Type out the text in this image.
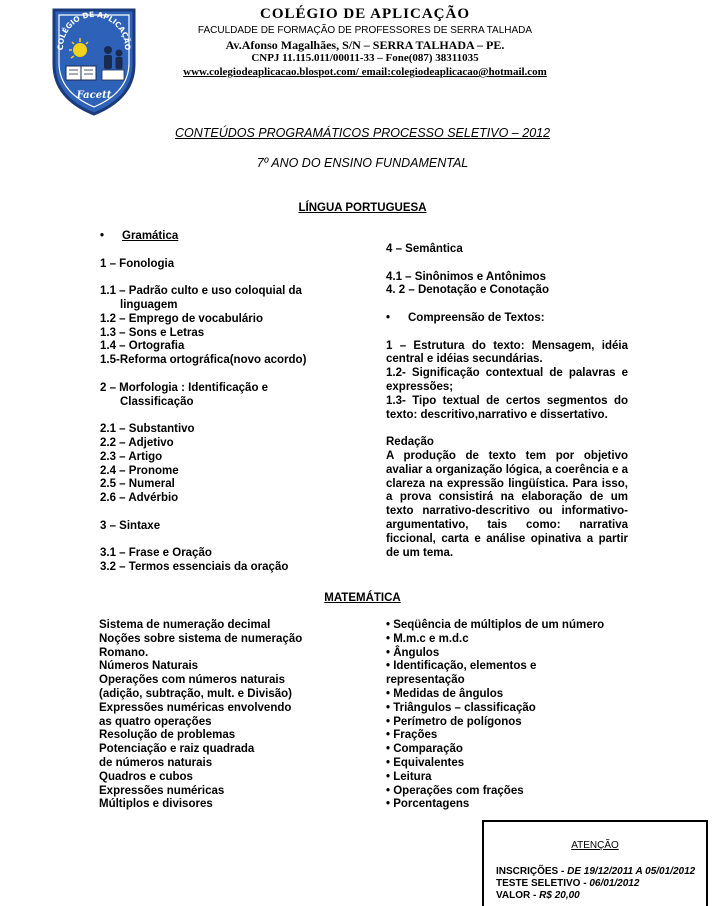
COLÉGIO DE APLICAÇÃO
Facett
COLÉGIO DE APLICAÇÃO
FACULDADE DE FORMAÇÃO DE PROFESSORES DE SERRA TALHADA
Av.Afonso Magalhães, S/N – SERRA TALHADA – PE.
CNPJ 11.115.011/00011-33 – Fone(087) 38311035
www.colegiodeaplicacao.blospot.com/ email:colegiodeaplicacao@hotmail.com
CONTEÚDOS PROGRAMÁTICOS PROCESSO SELETIVO – 2012
7º ANO DO ENSINO FUNDAMENTAL
LÍNGUA PORTUGUESA
• Gramática
1 – Fonologia
1.1 – Padrão culto e uso coloquial da
linguagem
1.2 – Emprego de vocabulário
1.3 – Sons e Letras
1.4 – Ortografia
1.5-Reforma ortográfica(novo acordo)
2 – Morfologia : Identificação e
Classificação
2.1 – Substantivo
2.2 – Adjetivo
2.3 – Artigo
2.4 – Pronome
2.5 – Numeral
2.6 – Advérbio
3 – Sintaxe
3.1 – Frase e Oração
3.2 – Termos essenciais da oração
4 – Semântica
4.1 – Sinônimos e Antônimos
4. 2 – Denotação e Conotação
• Compreensão de Textos:
1 – Estrutura do texto: Mensagem, idéia central e idéias secundárias.
1.2- Significação contextual de palavras e expressões;
1.3- Tipo textual de certos segmentos do texto: descritivo,narrativo e dissertativo.
Redação
A produção de texto tem por objetivo avaliar a organização lógica, a coerência e a clareza na expressão lingüística. Para isso, a prova consistirá na elaboração de um texto narrativo-descritivo ou informativo-argumentativo, tais como: narrativa ficcional, carta e análise opinativa a partir de um tema.
MATEMÁTICA
Sistema de numeração decimal
Noções sobre sistema de numeração
Romano.
Números Naturais
Operações com números naturais
(adição, subtração, mult. e Divisão)
Expressões numéricas envolvendo
as quatro operações
Resolução de problemas
Potenciação e raiz quadrada
de números naturais
Quadros e cubos
Expressões numéricas
Múltiplos e divisores
• Seqüência de múltiplos de um número
• M.m.c e m.d.c
• Ângulos
• Identificação, elementos e
representação
• Medidas de ângulos
• Triângulos – classificação
• Perímetro de polígonos
• Frações
• Comparação
• Equivalentes
• Leitura
• Operações com frações
• Porcentagens
ATENÇÃO
INSCRIÇÕES - DE 19/12/2011 A 05/01/2012
TESTE SELETIVO - 06/01/2012
VALOR - R$ 20,00
